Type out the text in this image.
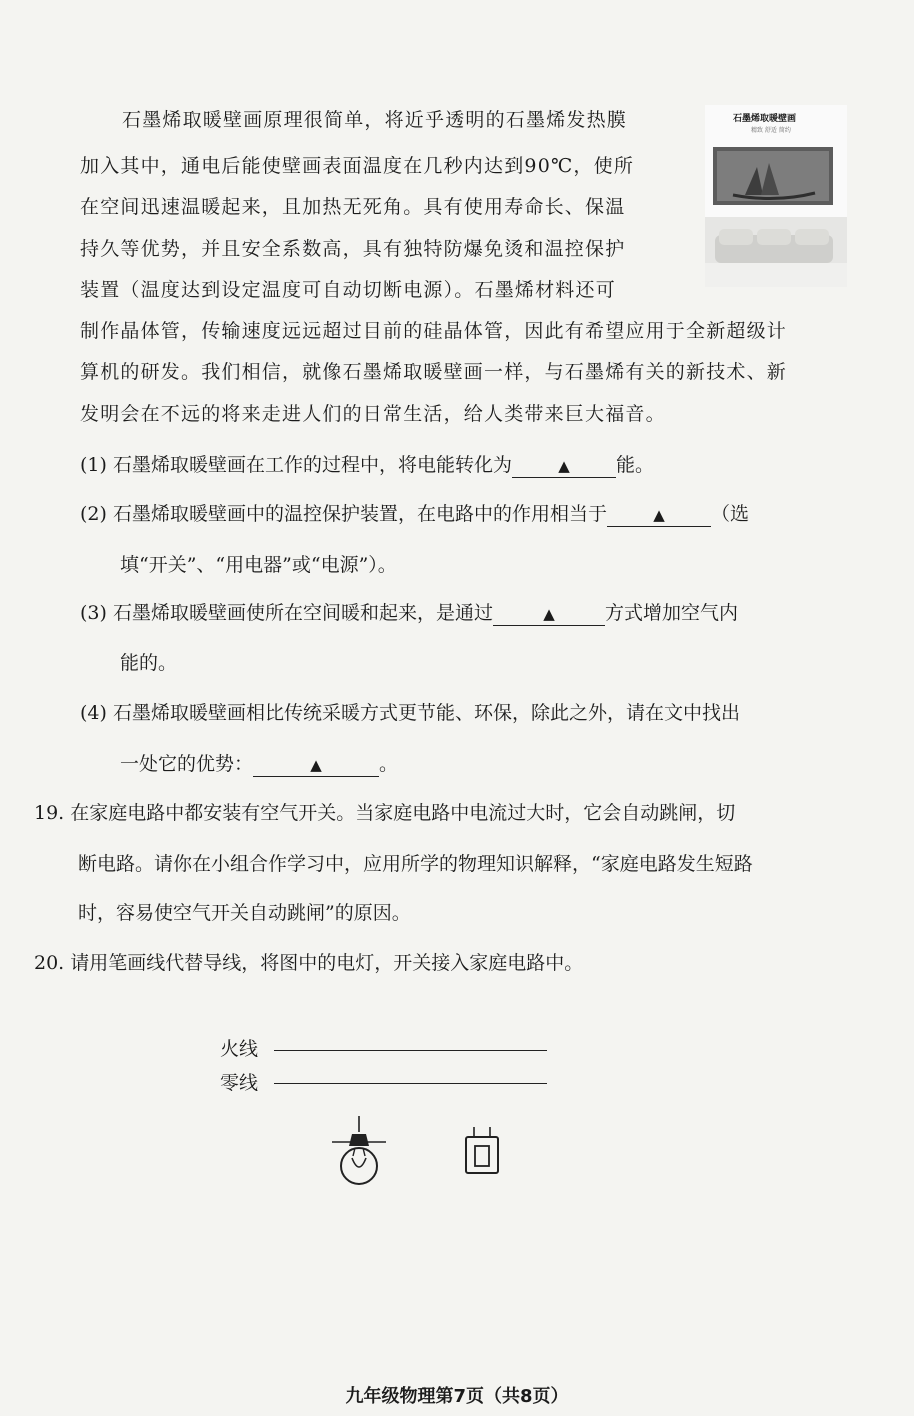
石墨烯取暖壁画原理很简单，将近乎透明的石墨烯发热膜
加入其中，通电后能使壁画表面温度在几秒内达到90℃，使所
在空间迅速温暖起来，且加热无死角。具有使用寿命长、保温
持久等优势，并且安全系数高，具有独特防爆免烫和温控保护
装置（温度达到设定温度可自动切断电源）。石墨烯材料还可
制作晶体管，传输速度远远超过目前的硅晶体管，因此有希望应用于全新超级计
算机的研发。我们相信，就像石墨烯取暖壁画一样，与石墨烯有关的新技术、新
发明会在不远的将来走进人们的日常生活，给人类带来巨大福音。
石墨烯取暖壁画
精致 舒适 简约
(1) 石墨烯取暖壁画在工作的过程中，将电能转化为	▲ 能。
(2) 石墨烯取暖壁画中的温控保护装置，在电路中的作用相当于	▲ （选
填“开关”、“用电器”或“电源”）。
(3) 石墨烯取暖壁画使所在空间暖和起来，是通过	▲	方式增加空气内
能的。
(4) 石墨烯取暖壁画相比传统采暖方式更节能、环保，除此之外，请在文中找出
一处它的优势：	▲	。
19. 在家庭电路中都安装有空气开关。当家庭电路中电流过大时，它会自动跳闸，切
断电路。请你在小组合作学习中，应用所学的物理知识解释，“家庭电路发生短路
时，容易使空气开关自动跳闸”的原因。
20. 请用笔画线代替导线，将图中的电灯，开关接入家庭电路中。
火线
零线
九年级物理第7页（共8页）
